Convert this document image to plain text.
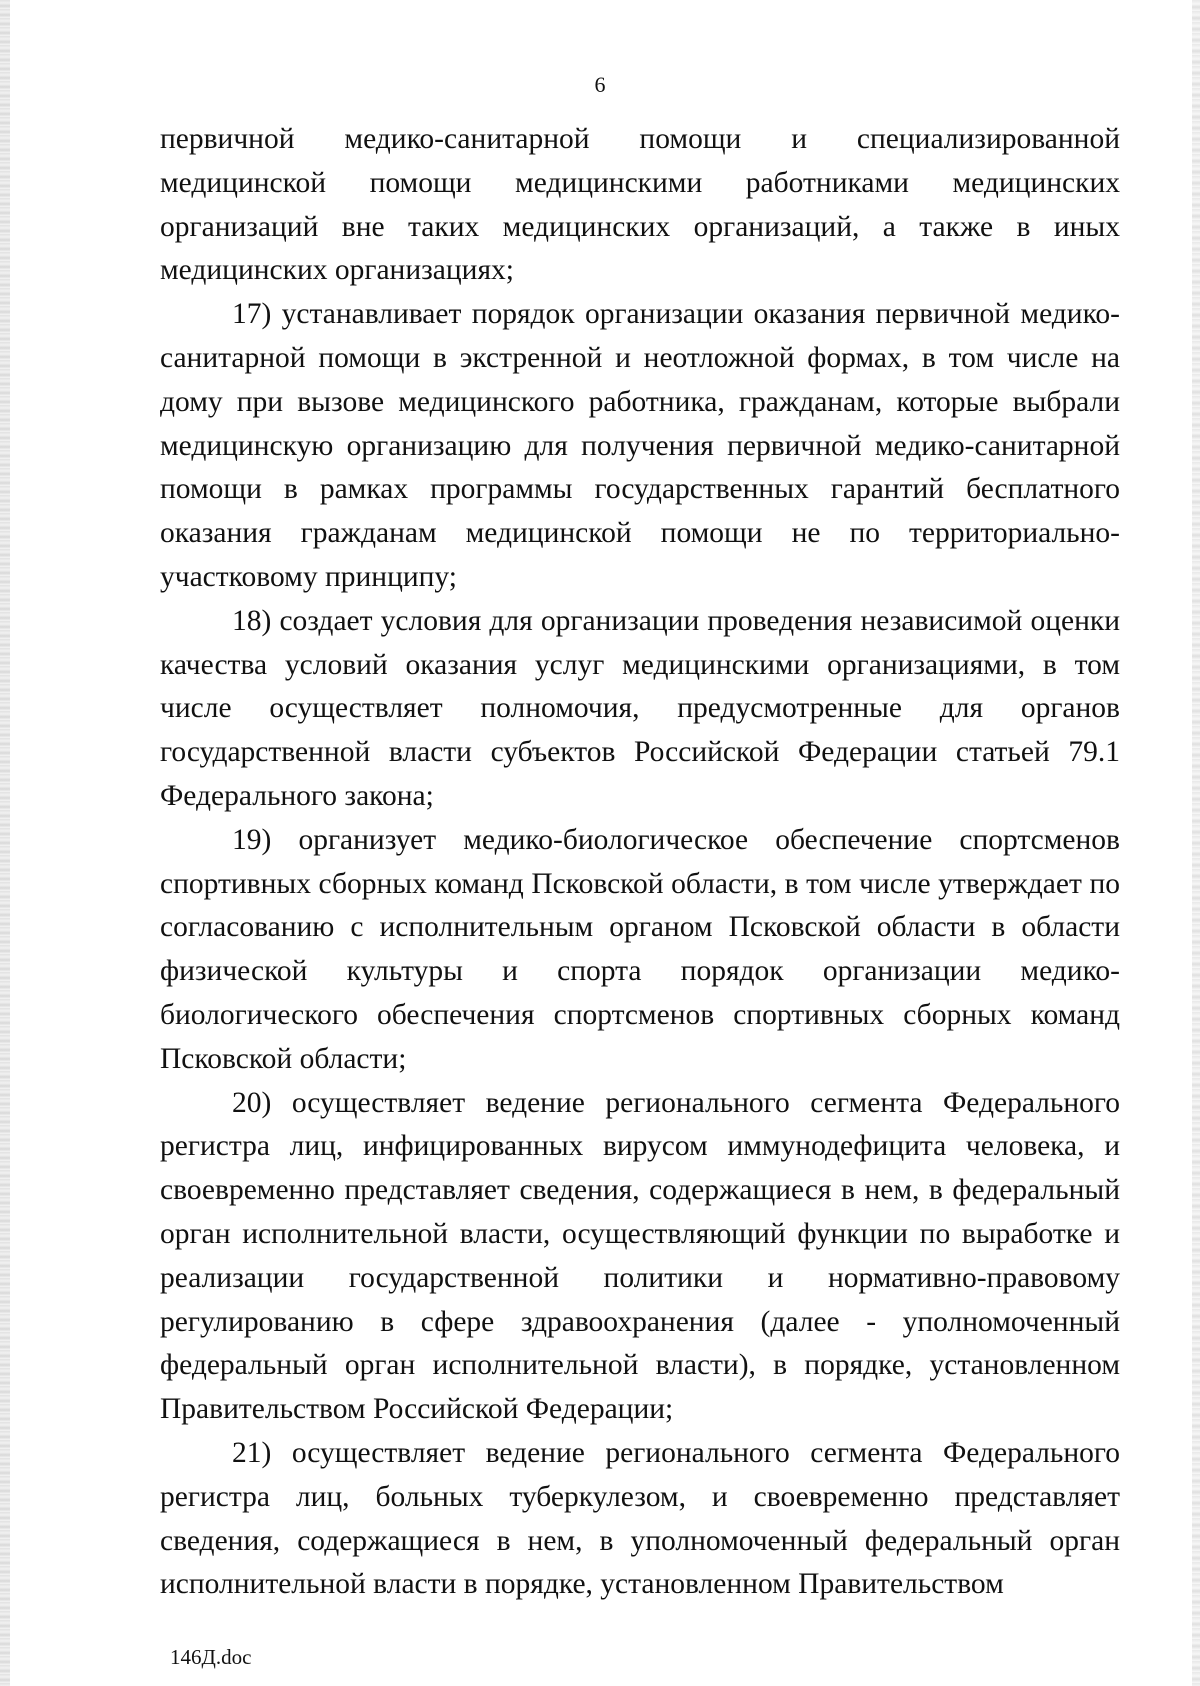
6

первичной медико-санитарной помощи и специализированной медицинской помощи медицинскими работниками медицинских организаций вне таких медицинских организаций, а также в иных медицинских организациях;

17) устанавливает порядок организации оказания первичной медико-санитарной помощи в экстренной и неотложной формах, в том числе на дому при вызове медицинского работника, гражданам, которые выбрали медицинскую организацию для получения первичной медико-санитарной помощи в рамках программы государственных гарантий бесплатного оказания гражданам медицинской помощи не по территориально-участковому принципу;

18) создает условия для организации проведения независимой оценки качества условий оказания услуг медицинскими организациями, в том числе осуществляет полномочия, предусмотренные для органов государственной власти субъектов Российской Федерации статьей 79.1 Федерального закона;

19) организует медико-биологическое обеспечение спортсменов спортивных сборных команд Псковской области, в том числе утверждает по согласованию с исполнительным органом Псковской области в области физической культуры и спорта порядок организации медико-биологического обеспечения спортсменов спортивных сборных команд Псковской области;

20) осуществляет ведение регионального сегмента Федерального регистра лиц, инфицированных вирусом иммунодефицита человека, и своевременно представляет сведения, содержащиеся в нем, в федеральный орган исполнительной власти, осуществляющий функции по выработке и реализации государственной политики и нормативно-правовому регулированию в сфере здравоохранения (далее - уполномоченный федеральный орган исполнительной власти), в порядке, установленном Правительством Российской Федерации;

21) осуществляет ведение регионального сегмента Федерального регистра лиц, больных туберкулезом, и своевременно представляет сведения, содержащиеся в нем, в уполномоченный федеральный орган исполнительной власти в порядке, установленном Правительством

146Д.doc
